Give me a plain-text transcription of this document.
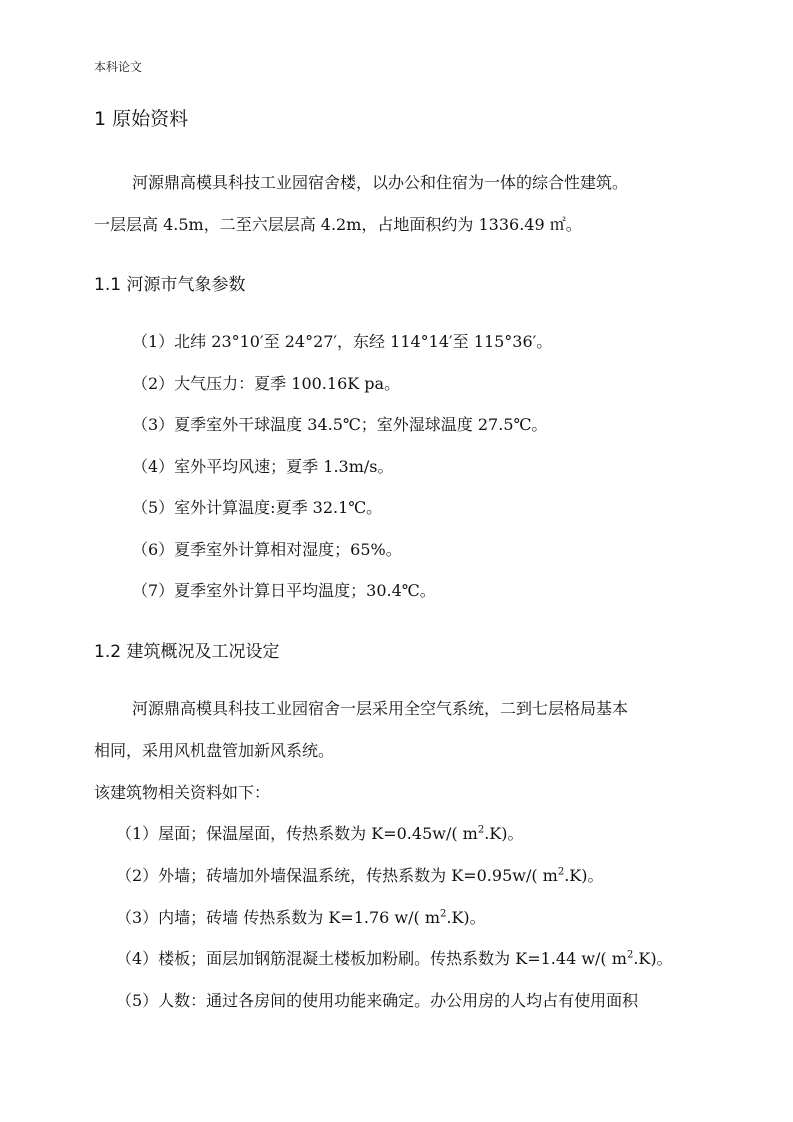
本科论文
1 原始资料
河源鼎高模具科技工业园宿舍楼，以办公和住宿为一体的综合性建筑。
一层层高 4.5m，二至六层层高 4.2m，占地面积约为 1336.49 ㎡。
1.1 河源市气象参数
（1）北纬 23°10′至 24°27′，东经 114°14′至 115°36′。
（2）大气压力：夏季 100.16K pa。
（3）夏季室外干球温度 34.5℃；室外湿球温度 27.5℃。
（4）室外平均风速；夏季 1.3m/s。
（5）室外计算温度:夏季 32.1℃。
（6）夏季室外计算相对湿度；65%。
（7）夏季室外计算日平均温度；30.4℃。
1.2 建筑概况及工况设定
河源鼎高模具科技工业园宿舍一层采用全空气系统，二到七层格局基本
相同，采用风机盘管加新风系统。
该建筑物相关资料如下：
（1）屋面；保温屋面，传热系数为 K=0.45w/( $m^2.K$)。
（2）外墙；砖墙加外墙保温系统，传热系数为 K=0.95w/( $m^2.K$)。
（3）内墙；砖墙 传热系数为 K=1.76 w/( $m^2.K$)。
（4）楼板；面层加钢筋混凝土楼板加粉刷。传热系数为 K=1.44 w/( $m^2.K$)。
（5）人数：通过各房间的使用功能来确定。办公用房的人均占有使用面积
